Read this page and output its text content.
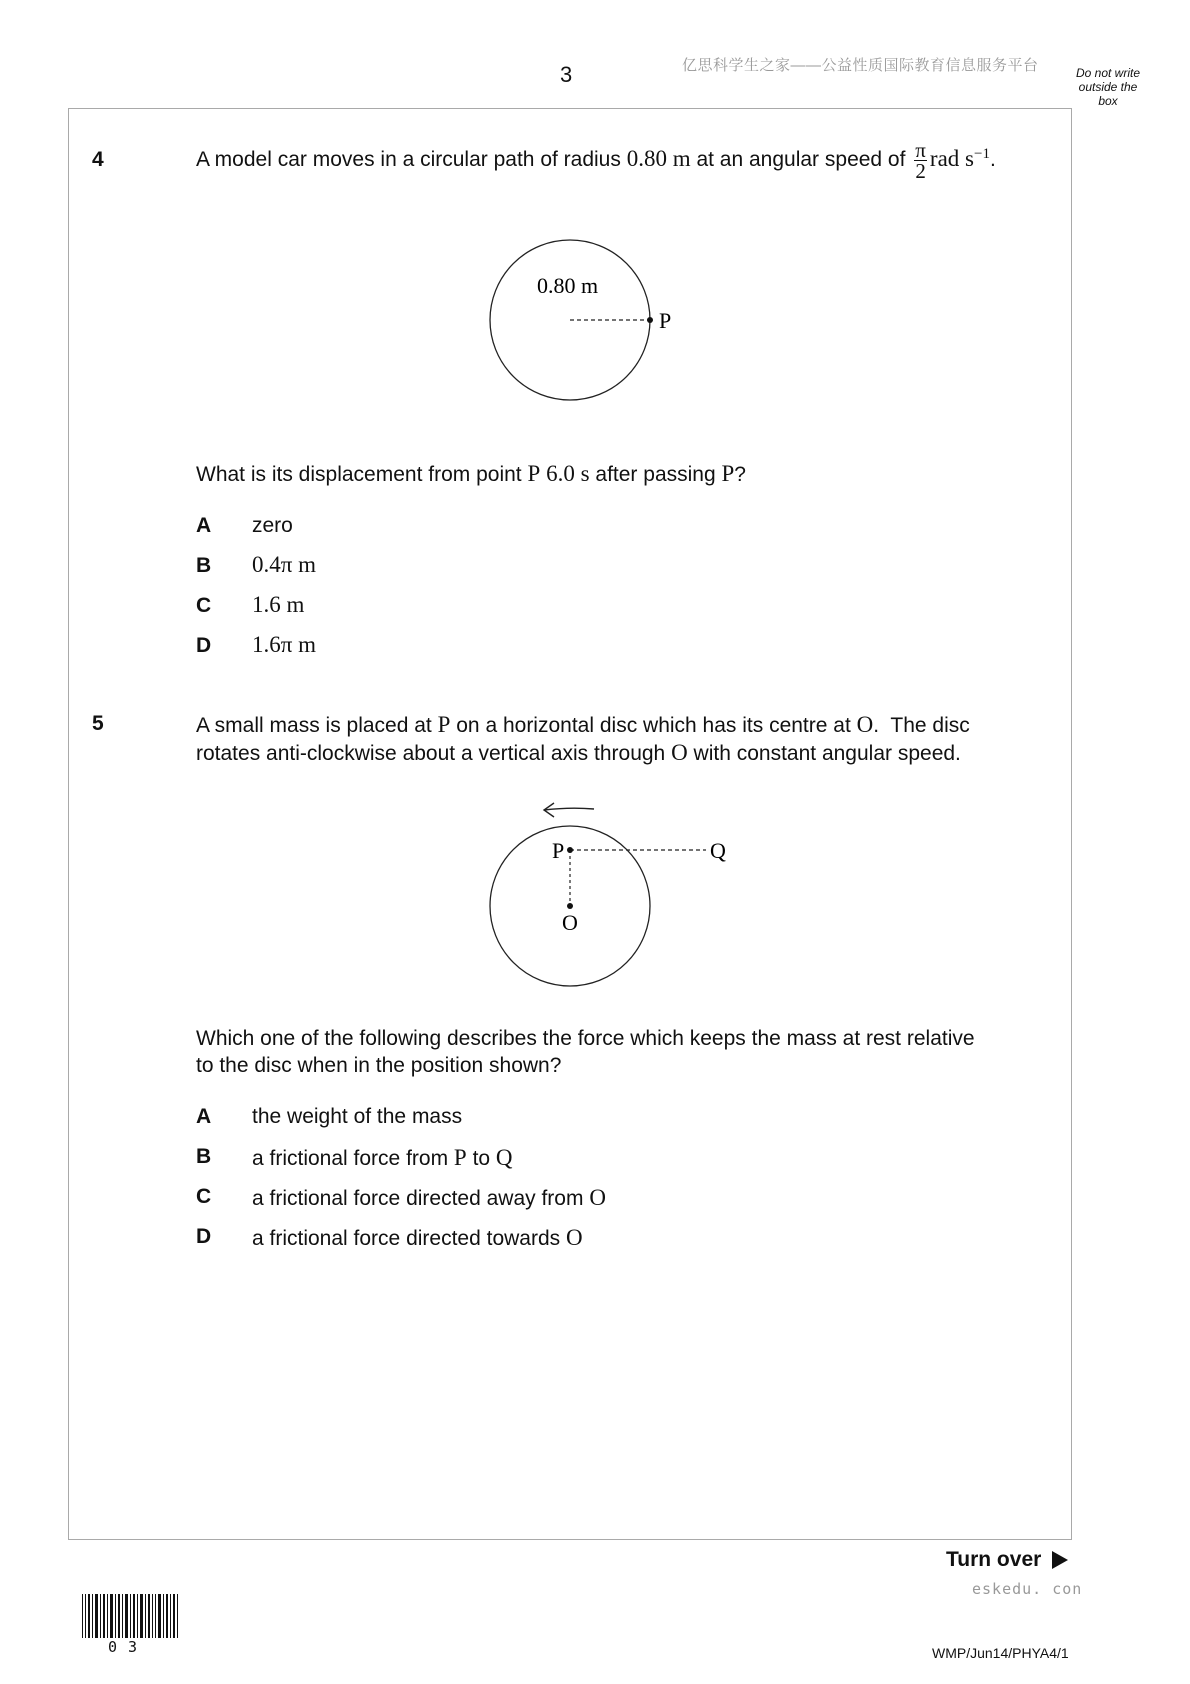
3	亿思科学生之家——公益性质国际教育信息服务平台	Do not write
outside the
box
4	A model car moves in a circular path of radius 0.80 m at an angular speed of $\frac{\pi}{2}$ rad $s^{-1}$.
0.80 m
P
What is its displacement from point P 6.0 s after passing P?
A zero
B 0.4π m
C 1.6 m
D 1.6π m
5	A small mass is placed at P on a horizontal disc which has its centre at O.  The disc
rotates anti-clockwise about a vertical axis through O with constant angular speed.
P	Q
O
Which one of the following describes the force which keeps the mass at rest relative
to the disc when in the position shown?
A the weight of the mass
B a frictional force from P to Q
C a frictional force directed away from O
D a frictional force directed towards O
Turn over
eskedu. con
03	WMP/Jun14/PHYA4/1
